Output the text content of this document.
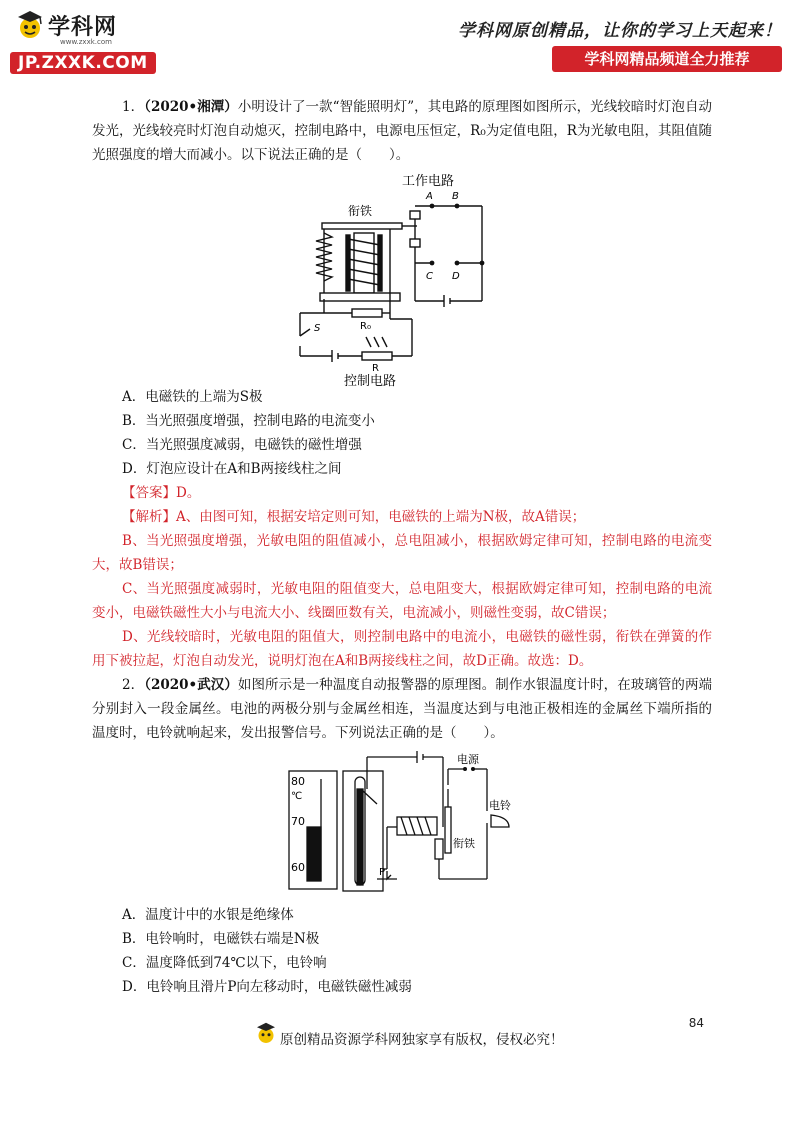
学科网
www.zxxk.com
JP.ZXXK.COM
学科网原创精品，让你的学习上天起来！
学科网精品频道全力推荐

1．（2020•湘潭）小明设计了一款“智能照明灯”，其电路的原理图如图所示，光线较暗时灯泡自动发光，光线较亮时灯泡自动熄灭，控制电路中，电源电压恒定，R₀为定值电阻，R为光敏电阻，其阻值随光照强度的增大而减小。以下说法正确的是（　　）。

工作电路
衔铁
A B
C D
S	R₀
R
控制电路

A．电磁铁的上端为S极

B．当光照强度增强，控制电路的电流变小

C．当光照强度减弱，电磁铁的磁性增强

D．灯泡应设计在A和B两接线柱之间

【答案】D。

【解析】A、由图可知，根据安培定则可知，电磁铁的上端为N极，故A错误；

B、当光照强度增强，光敏电阻的阻值减小，总电阻减小，根据欧姆定律可知，控制电路的电流变大，故B错误；

C、当光照强度减弱时，光敏电阻的阻值变大，总电阻变大，根据欧姆定律可知，控制电路的电流变小，电磁铁磁性大小与电流大小、线圈匝数有关，电流减小，则磁性变弱，故C错误；

D、光线较暗时，光敏电阻的阻值大，则控制电路中的电流小，电磁铁的磁性弱，衔铁在弹簧的作用下被拉起，灯泡自动发光，说明灯泡在A和B两接线柱之间，故D正确。故选：D。

2．（2020•武汉）如图所示是一种温度自动报警器的原理图。制作水银温度计时，在玻璃管的两端分别封入一段金属丝。电池的两极分别与金属丝相连，当温度达到与电池正极相连的金属丝下端所指的温度时，电铃就响起来，发出报警信号。下列说法正确的是（　　）。

80
℃
70
60	P
电源
衔铁
电铃

A．温度计中的水银是绝缘体

B．电铃响时，电磁铁右端是N极

C．温度降低到74℃以下，电铃响

D．电铃响且滑片P向左移动时，电磁铁磁性减弱

84
原创精品资源学科网独家享有版权，侵权必究！
